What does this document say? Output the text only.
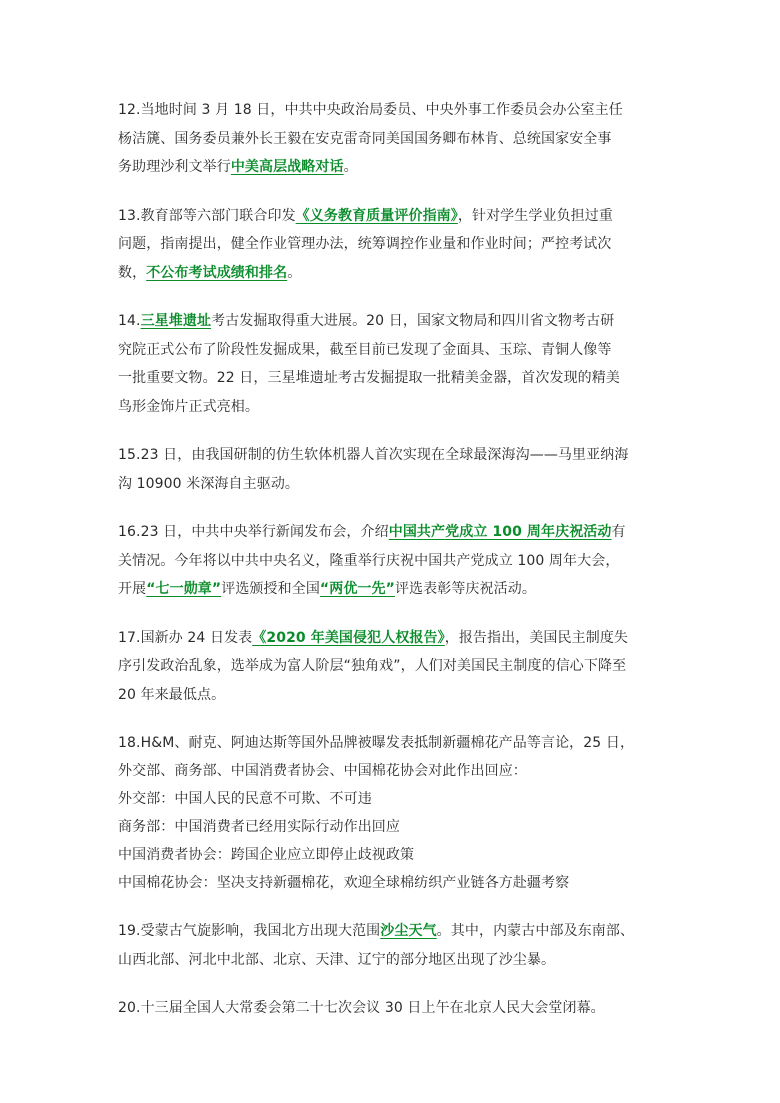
12.当地时间 3 月 18 日，中共中央政治局委员、中央外事工作委员会办公室主任
杨洁篪、国务委员兼外长王毅在安克雷奇同美国国务卿布林肯、总统国家安全事
务助理沙利文举行中美高层战略对话。

13.教育部等六部门联合印发《义务教育质量评价指南》，针对学生学业负担过重
问题，指南提出，健全作业管理办法，统筹调控作业量和作业时间；严控考试次
数，不公布考试成绩和排名。

14.三星堆遗址考古发掘取得重大进展。20 日，国家文物局和四川省文物考古研
究院正式公布了阶段性发掘成果，截至目前已发现了金面具、玉琮、青铜人像等
一批重要文物。22 日，三星堆遗址考古发掘提取一批精美金器，首次发现的精美
鸟形金饰片正式亮相。

15.23 日，由我国研制的仿生软体机器人首次实现在全球最深海沟——马里亚纳海
沟 10900 米深海自主驱动。

16.23 日，中共中央举行新闻发布会，介绍中国共产党成立 100 周年庆祝活动有
关情况。今年将以中共中央名义，隆重举行庆祝中国共产党成立 100 周年大会，
开展“七一勋章”评选颁授和全国“两优一先”评选表彰等庆祝活动。

17.国新办 24 日发表《2020 年美国侵犯人权报告》，报告指出，美国民主制度失
序引发政治乱象，选举成为富人阶层“独角戏”，人们对美国民主制度的信心下降至
20 年来最低点。

18.H&M、耐克、阿迪达斯等国外品牌被曝发表抵制新疆棉花产品等言论，25 日，
外交部、商务部、中国消费者协会、中国棉花协会对此作出回应：
外交部：中国人民的民意不可欺、不可违
商务部：中国消费者已经用实际行动作出回应
中国消费者协会：跨国企业应立即停止歧视政策
中国棉花协会：坚决支持新疆棉花，欢迎全球棉纺织产业链各方赴疆考察

19.受蒙古气旋影响，我国北方出现大范围沙尘天气。其中，内蒙古中部及东南部、
山西北部、河北中北部、北京、天津、辽宁的部分地区出现了沙尘暴。

20.十三届全国人大常委会第二十七次会议 30 日上午在北京人民大会堂闭幕。
